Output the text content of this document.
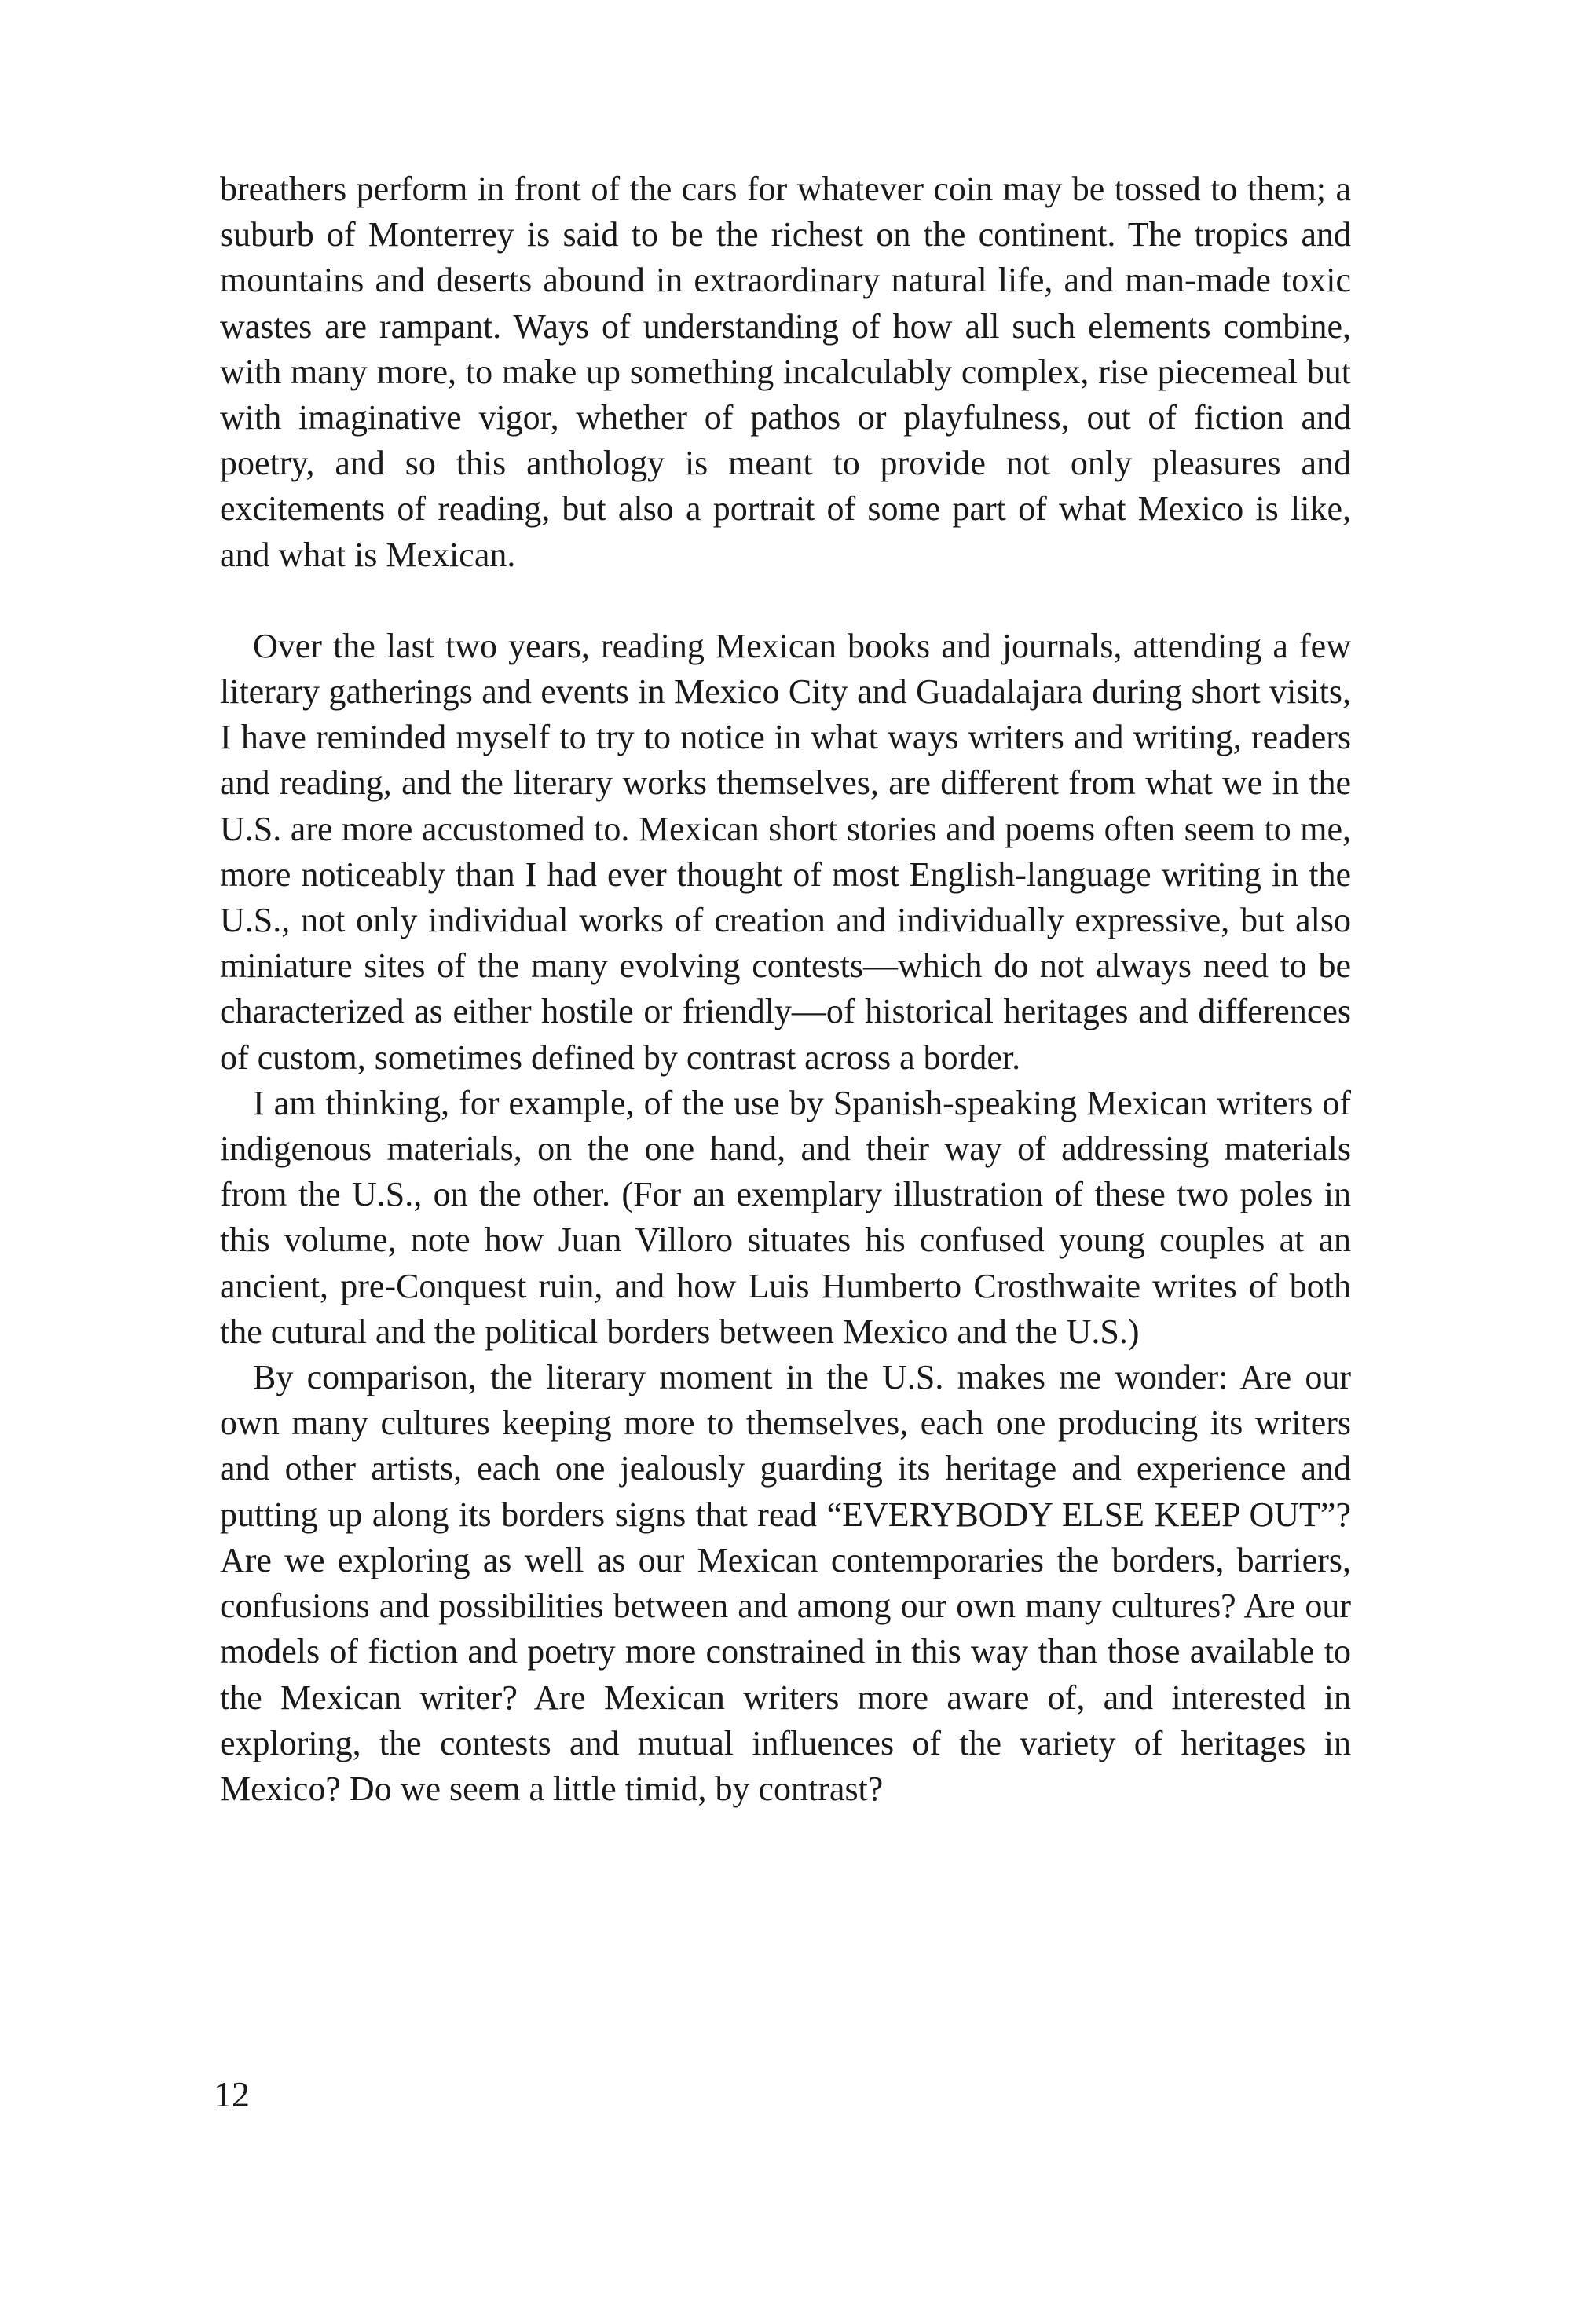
breathers perform in front of the cars for whatever coin may be tossed to them; a suburb of Monterrey is said to be the richest on the continent. The tropics and mountains and deserts abound in extraordinary natural life, and man-made toxic wastes are rampant. Ways of understanding of how all such elements combine, with many more, to make up something incalculably complex, rise piecemeal but with imaginative vigor, whether of pathos or playfulness, out of fiction and poetry, and so this anthology is meant to provide not only pleasures and excitements of reading, but also a portrait of some part of what Mexico is like, and what is Mexican.

Over the last two years, reading Mexican books and journals, attending a few literary gatherings and events in Mexico City and Guadalajara during short visits, I have reminded myself to try to notice in what ways writers and writing, readers and reading, and the literary works themselves, are different from what we in the U.S. are more accustomed to. Mexican short stories and poems often seem to me, more noticeably than I had ever thought of most English-language writing in the U.S., not only individual works of creation and individually expressive, but also miniature sites of the many evolving contests—which do not always need to be characterized as either hostile or friendly—of historical heritages and differences of custom, sometimes defined by contrast across a border.

I am thinking, for example, of the use by Spanish-speaking Mexican writers of indigenous materials, on the one hand, and their way of addressing materials from the U.S., on the other. (For an exemplary illustration of these two poles in this volume, note how Juan Villoro situates his confused young couples at an ancient, pre-Conquest ruin, and how Luis Humberto Crosthwaite writes of both the cutural and the political borders between Mexico and the U.S.)

By comparison, the literary moment in the U.S. makes me wonder: Are our own many cultures keeping more to themselves, each one producing its writers and other artists, each one jealously guarding its heritage and experience and putting up along its borders signs that read “EVERYBODY ELSE KEEP OUT”? Are we exploring as well as our Mexican contemporaries the borders, barriers, confusions and possibilities between and among our own many cultures? Are our models of fiction and poetry more constrained in this way than those available to the Mexican writer? Are Mexican writers more aware of, and interested in exploring, the contests and mutual influences of the variety of heritages in Mexico? Do we seem a little timid, by contrast?

12
